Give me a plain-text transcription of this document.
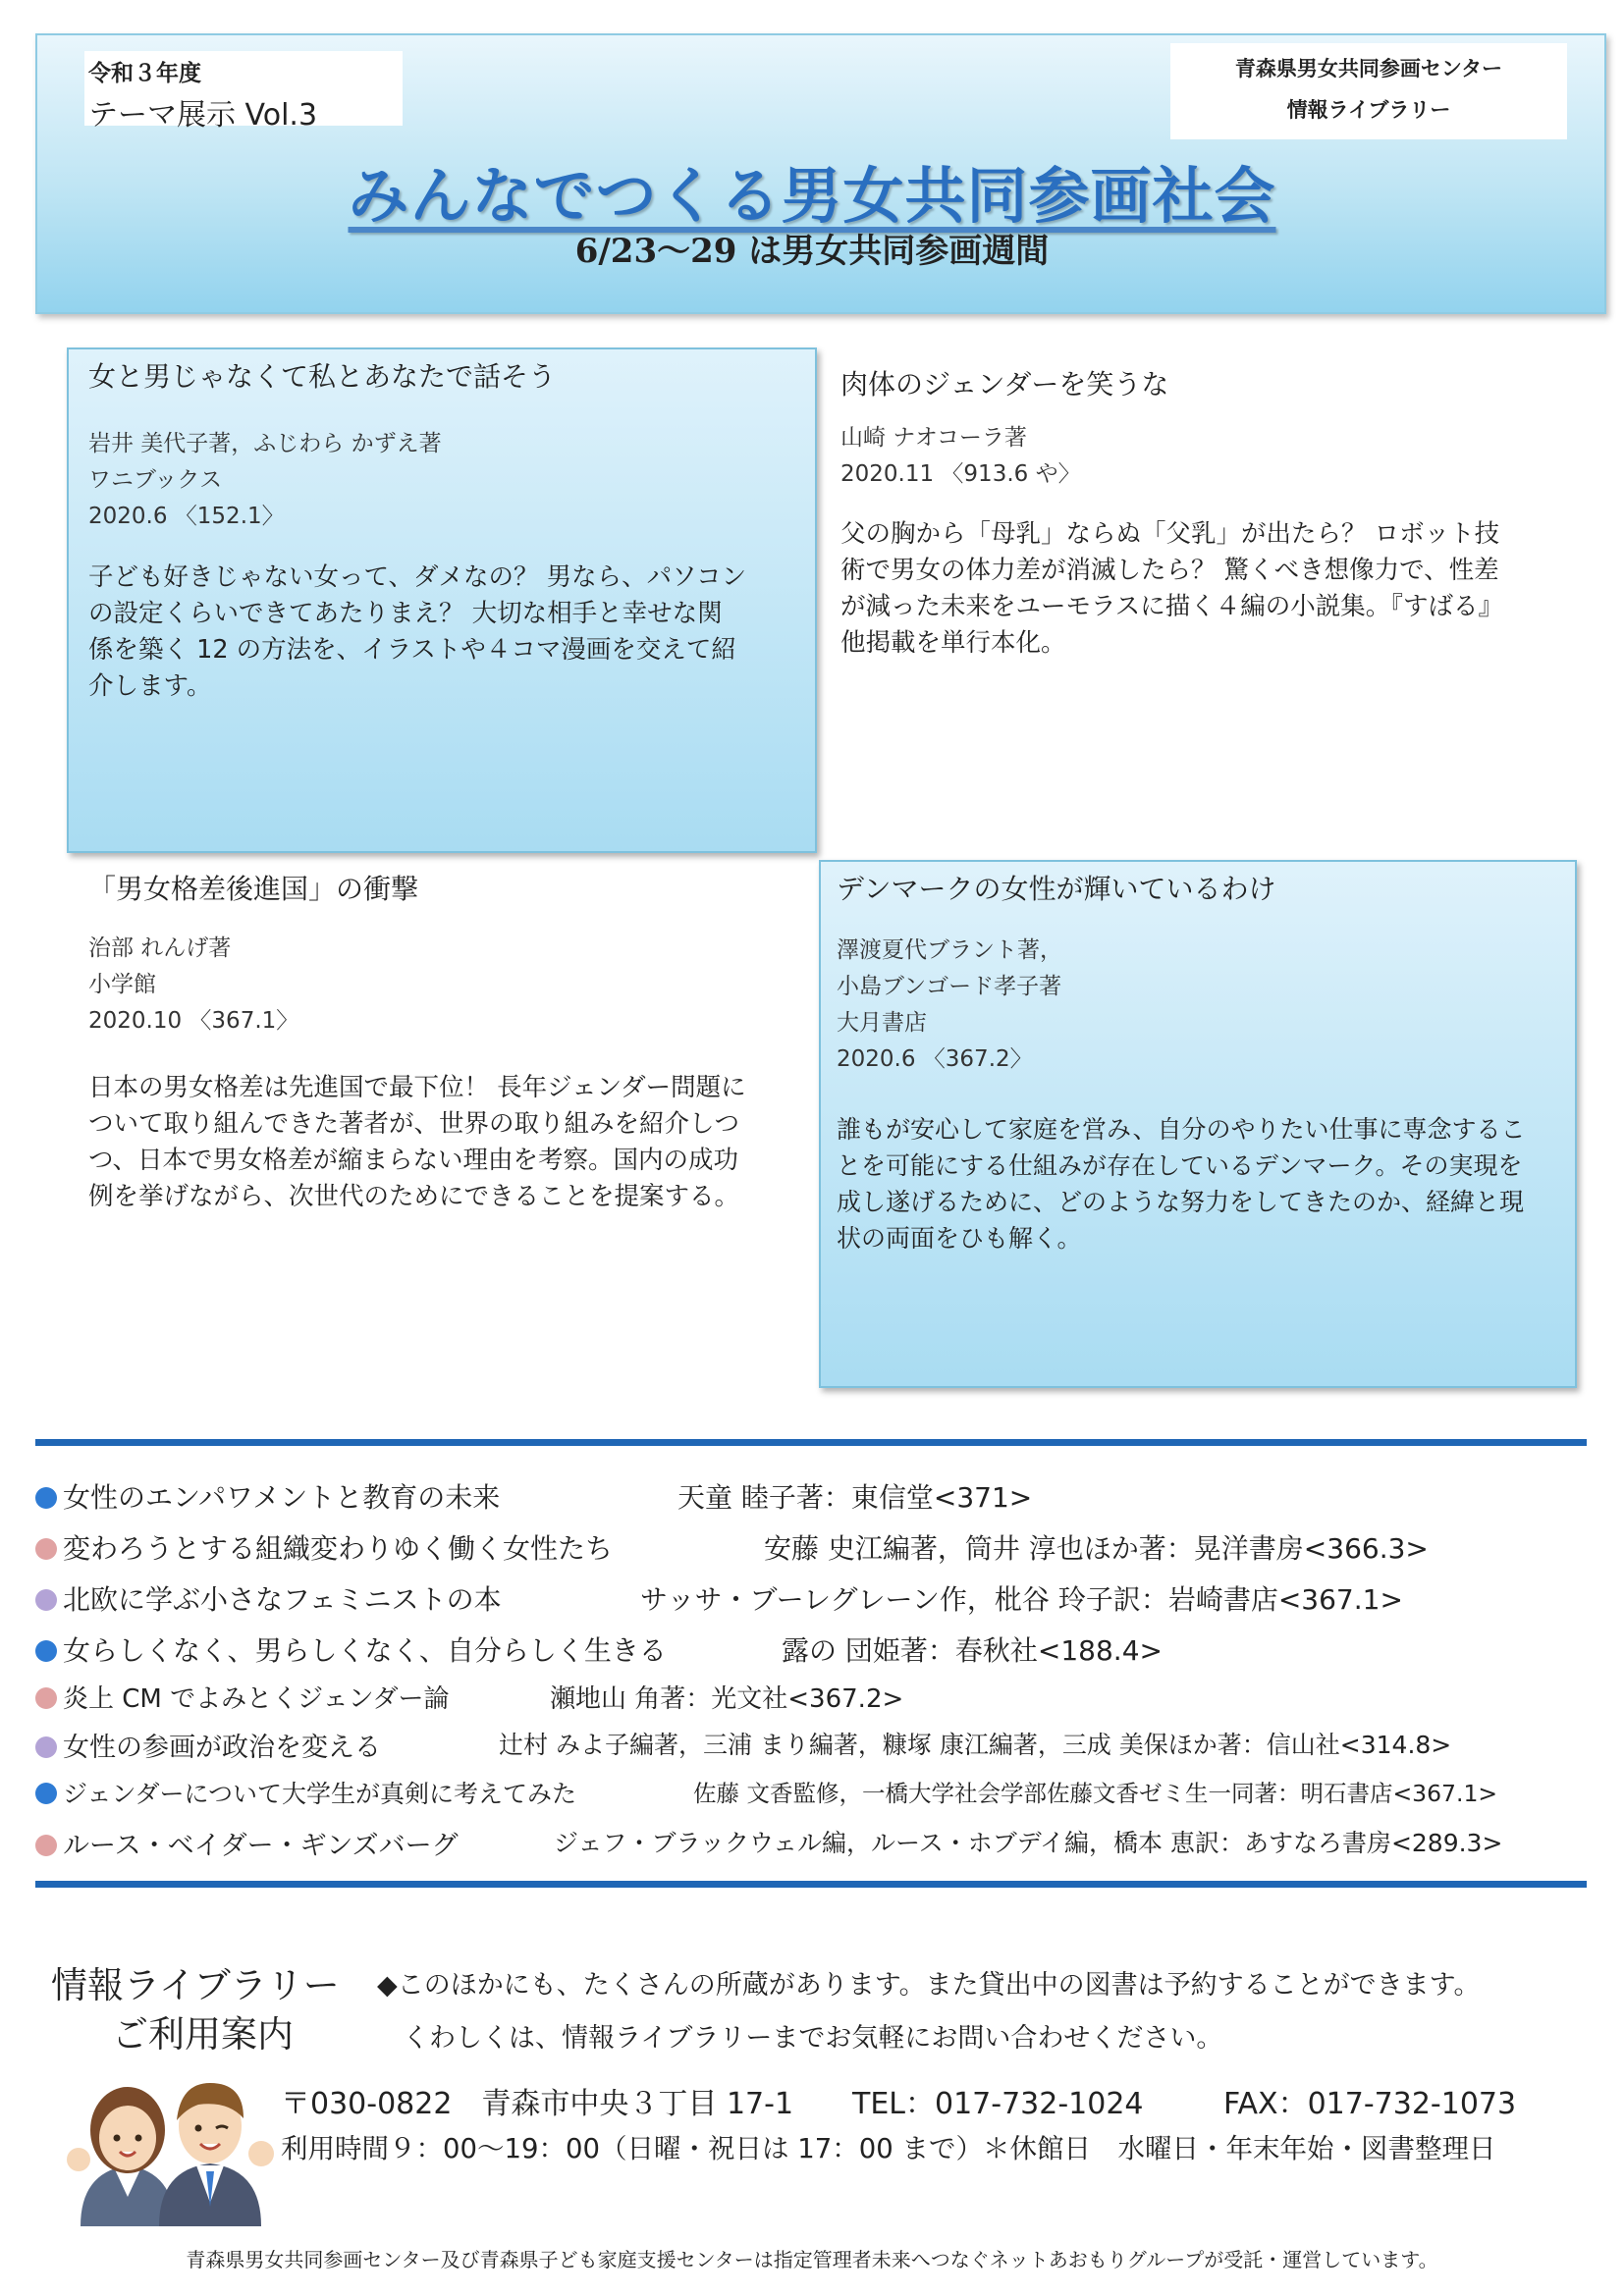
令和３年度
テーマ展示 Vol.3
青森県男女共同参画センター
情報ライブラリー
みんなでつくる男女共同参画社会
6/23～29 は男女共同参画週間
女と男じゃなくて私とあなたで話そう
岩井 美代子著，ふじわら かずえ著
ワニブックス
2020.6 〈152.1〉
子ども好きじゃない女って、ダメなの？ 男なら、パソコン
の設定くらいできてあたりまえ？ 大切な相手と幸せな関
係を築く 12 の方法を、イラストや４コマ漫画を交えて紹
介します。
肉体のジェンダーを笑うな
山崎 ナオコーラ著
2020.11 〈913.6 や〉
父の胸から「母乳」ならぬ「父乳」が出たら？ ロボット技
術で男女の体力差が消滅したら？ 驚くべき想像力で、性差
が減った未来をユーモラスに描く４編の小説集。『すばる』
他掲載を単行本化。
「男女格差後進国」の衝撃
治部 れんげ著
小学館
2020.10 〈367.1〉
日本の男女格差は先進国で最下位！ 長年ジェンダー問題に
ついて取り組んできた著者が、世界の取り組みを紹介しつ
つ、日本で男女格差が縮まらない理由を考察。国内の成功
例を挙げながら、次世代のためにできることを提案する。
デンマークの女性が輝いているわけ
澤渡夏代ブラント著，
小島ブンゴード孝子著
大月書店
2020.6 〈367.2〉
誰もが安心して家庭を営み、自分のやりたい仕事に専念するこ
とを可能にする仕組みが存在しているデンマーク。その実現を
成し遂げるために、どのような努力をしてきたのか、経緯と現
状の両面をひも解く。
女性のエンパワメントと教育の未来	天童 睦子著：東信堂<371>
変わろうとする組織変わりゆく働く女性たち	安藤 史江編著，筒井 淳也ほか著：晃洋書房<366.3>
北欧に学ぶ小さなフェミニストの本	サッサ・ブーレグレーン作，枇谷 玲子訳：岩崎書店<367.1>
女らしくなく、男らしくなく、自分らしく生きる	露の 団姫著：春秋社<188.4>
炎上 CM でよみとくジェンダー論	瀬地山 角著：光文社<367.2>
女性の参画が政治を変える	辻村 みよ子編著，三浦 まり編著，糠塚 康江編著，三成 美保ほか著：信山社<314.8>
ジェンダーについて大学生が真剣に考えてみた	佐藤 文香監修，一橋大学社会学部佐藤文香ゼミ生一同著：明石書店<367.1>
ルース・ベイダー・ギンズバーグ	ジェフ・ブラックウェル編，ルース・ホブデイ編，橋本 恵訳：あすなろ書房<289.3>
情報ライブラリー
ご利用案内
◆このほかにも、たくさんの所蔵があります。また貸出中の図書は予約することができます。
くわしくは、情報ライブラリーまでお気軽にお問い合わせください。
〒030-0822　青森市中央３丁目 17-1 TEL：017-732-1024	FAX：017-732-1073
利用時間９：00～19：00（日曜・祝日は 17：00 まで）＊休館日　水曜日・年末年始・図書整理日
青森県男女共同参画センター及び青森県子ども家庭支援センターは指定管理者未来へつなぐネットあおもりグループが受託・運営しています。
